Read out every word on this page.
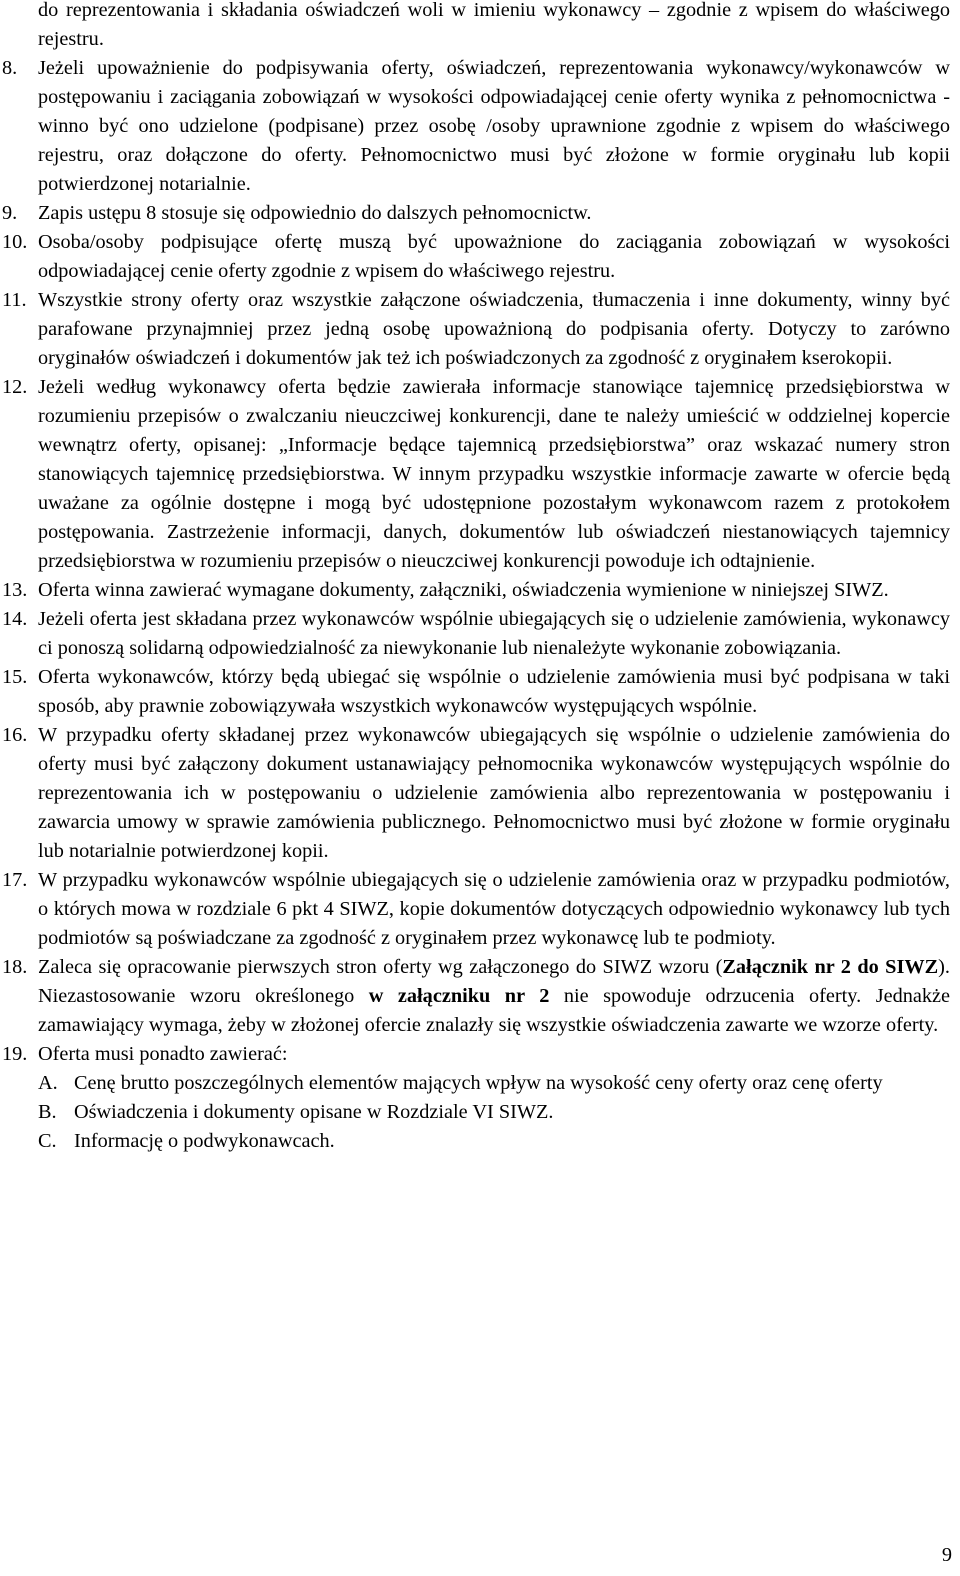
do reprezentowania i składania oświadczeń woli w imieniu wykonawcy – zgodnie z wpisem do właściwego rejestru.
8. Jeżeli upoważnienie do podpisywania oferty, oświadczeń, reprezentowania wykonawcy/wykonawców w postępowaniu i zaciągania zobowiązań w wysokości odpowiadającej cenie oferty wynika z pełnomocnictwa - winno być ono udzielone (podpisane) przez osobę /osoby uprawnione zgodnie z wpisem do właściwego rejestru, oraz dołączone do oferty. Pełnomocnictwo musi być złożone w formie oryginału lub kopii potwierdzonej notarialnie.
9. Zapis ustępu 8 stosuje się odpowiednio do dalszych pełnomocnictw.
10. Osoba/osoby podpisujące ofertę muszą być upoważnione do zaciągania zobowiązań w wysokości odpowiadającej cenie oferty zgodnie z wpisem do właściwego rejestru.
11. Wszystkie strony oferty oraz wszystkie załączone oświadczenia, tłumaczenia i inne dokumenty, winny być parafowane przynajmniej przez jedną osobę upoważnioną do podpisania oferty. Dotyczy to zarówno oryginałów oświadczeń i dokumentów jak też ich poświadczonych za zgodność z oryginałem kserokopii.
12. Jeżeli według wykonawcy oferta będzie zawierała informacje stanowiące tajemnicę przedsiębiorstwa w rozumieniu przepisów o zwalczaniu nieuczciwej konkurencji, dane te należy umieścić w oddzielnej kopercie wewnątrz oferty, opisanej: „Informacje będące tajemnicą przedsiębiorstwa” oraz wskazać numery stron stanowiących tajemnicę przedsiębiorstwa. W innym przypadku wszystkie informacje zawarte w ofercie będą uważane za ogólnie dostępne i mogą być udostępnione pozostałym wykonawcom razem z protokołem postępowania. Zastrzeżenie informacji, danych, dokumentów lub oświadczeń niestanowiących tajemnicy przedsiębiorstwa w rozumieniu przepisów o nieuczciwej konkurencji powoduje ich odtajnienie.
13. Oferta winna zawierać wymagane dokumenty, załączniki, oświadczenia wymienione w niniejszej SIWZ.
14. Jeżeli oferta jest składana przez wykonawców wspólnie ubiegających się o udzielenie zamówienia, wykonawcy ci ponoszą solidarną odpowiedzialność za niewykonanie lub nienależyte wykonanie zobowiązania.
15. Oferta wykonawców, którzy będą ubiegać się wspólnie o udzielenie zamówienia musi być podpisana w taki sposób, aby prawnie zobowiązywała wszystkich wykonawców występujących wspólnie.
16. W przypadku oferty składanej przez wykonawców ubiegających się wspólnie o udzielenie zamówienia do oferty musi być załączony dokument ustanawiający pełnomocnika wykonawców występujących wspólnie do reprezentowania ich w postępowaniu o udzielenie zamówienia albo reprezentowania w postępowaniu i zawarcia umowy w sprawie zamówienia publicznego. Pełnomocnictwo musi być złożone w formie oryginału lub notarialnie potwierdzonej kopii.
17. W przypadku wykonawców wspólnie ubiegających się o udzielenie zamówienia oraz w przypadku podmiotów, o których mowa w rozdziale 6 pkt 4 SIWZ, kopie dokumentów dotyczących odpowiednio wykonawcy lub tych podmiotów są poświadczane za zgodność z oryginałem przez wykonawcę lub te podmioty.
18. Zaleca się opracowanie pierwszych stron oferty wg załączonego do SIWZ wzoru (Załącznik nr 2 do SIWZ). Niezastosowanie wzoru określonego w załączniku nr 2 nie spowoduje odrzucenia oferty. Jednakże zamawiający wymaga, żeby w złożonej ofercie znalazły się wszystkie oświadczenia zawarte we wzorze oferty.
19. Oferta musi ponadto zawierać:
A. Cenę brutto poszczególnych elementów mających wpływ na wysokość ceny oferty oraz cenę oferty
B. Oświadczenia i dokumenty opisane w Rozdziale VI SIWZ.
C. Informację o podwykonawcach.
9
